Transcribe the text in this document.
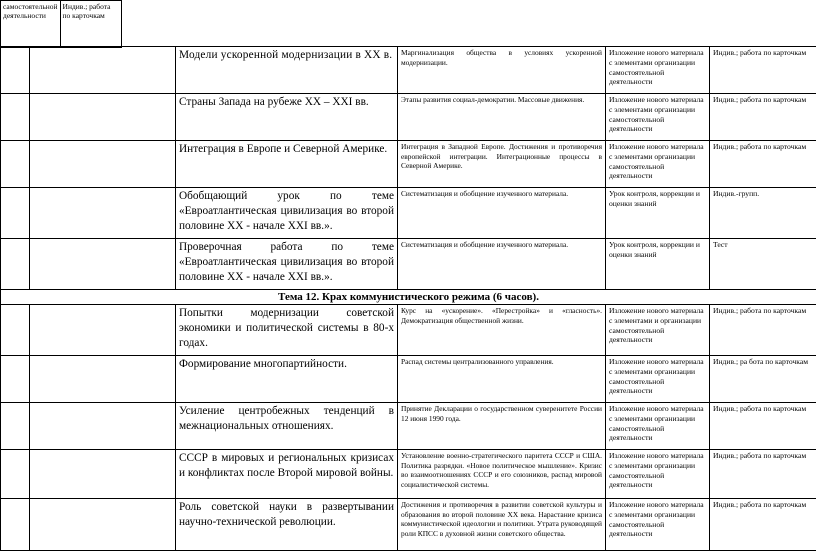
самостоятельной деятельности	Индив.; работа по карточкам
		Модели ускоренной модернизации в XX в.	Маргинализация общества в условиях ускоренной модернизации.	Изложение нового материала с элементами организации самостоятельной деятельности	Индив.; работа по карточкам
		Страны Запада на рубеже XX – XXI вв.	Этапы развития социал-демократии. Массовые движения.	Изложение нового материала с элементами организации самостоятельной деятельности	Индив.; работа по карточкам
		Интеграция в Европе и Северной Америке.	Интеграция в Западной Европе. Достижения и противоречия европейской интеграции. Интеграционные процессы в Северной Америке.	Изложение нового материала с элементами организации самостоятельной деятельности	Индив.; работа по карточкам
		Обобщающий урок по теме «Евроатлантическая цивилизация во второй половине XX - начале XXI вв.».	Систематизация и обобщение изученного материала.	Урок контроля, коррекции и оценки знаний	Индив.-групп.
		Проверочная работа по теме «Евроатлантическая цивилизация во второй половине XX - начале XXI вв.».	Систематизация и обобщение изученного материала.	Урок контроля, коррекции и оценки знаний	Тест
Тема 12. Крах коммунистического режима (6 часов).					
		Попытки модернизации советской экономики и политической системы в 80-х годах.	Курс на «ускорение». «Перестройка» и «гласность». Демократизация общественной жизни.	Изложение нового материала с элементами и организации самостоятельной деятельности	Индив.; работа по карточкам
		Формирование многопартийности.	Распад системы централизованного управления.	Изложение нового материала с элементами организации самостоятельной деятельности	Индив.; ра бота по карточкам
		Усиление центробежных тенденций в межнациональных отношениях.	Принятие Декларации о государственном суверенитете России 12 июня 1990 года.	Изложение нового материала с элементами организации самостоятельной деятельности	Индив.; работа по карточкам
		СССР в мировых и региональных кризисах и конфликтах после Второй мировой войны.	Установление военно-стратегического паритета СССР и США. Политика разрядки. «Новое политическое мышление». Кризис во взаимоотношениях СССР и его союзников, распад мировой социалистической системы.	Изложение нового материала с элементами организации самостоятельной деятельности	Индив.; работа по карточкам
		Роль советской науки в развертывании научно-технической революции.	Достижения и противоречия в развитии советской культуры и образования во второй половине XX века. Нарастание кризиса коммунистической идеологии и политики. Утрата руководящей роли КПСС в духовной жизни советского общества.	Изложение нового материала с элементами организации самостоятельной деятельности	Индив.; работа по карточкам
